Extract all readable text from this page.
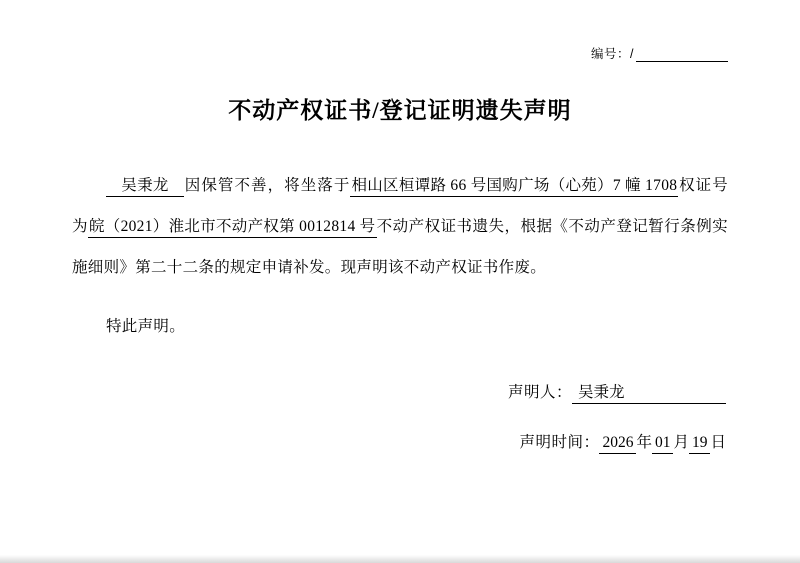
编号：/
不动产权证书/登记证明遗失声明
吴秉龙 因保管不善，将坐落于相山区桓谭路 66 号国购广场（心苑）7 幢 1708权证号为皖（2021）淮北市不动产权第 0012814 号不动产权证书遗失，根据《不动产登记暂行条例实施细则》第二十二条的规定申请补发。现声明该不动产权证书作废。
特此声明。
声明人： 吴秉龙
声明时间： 2026 年 01 月 19 日
